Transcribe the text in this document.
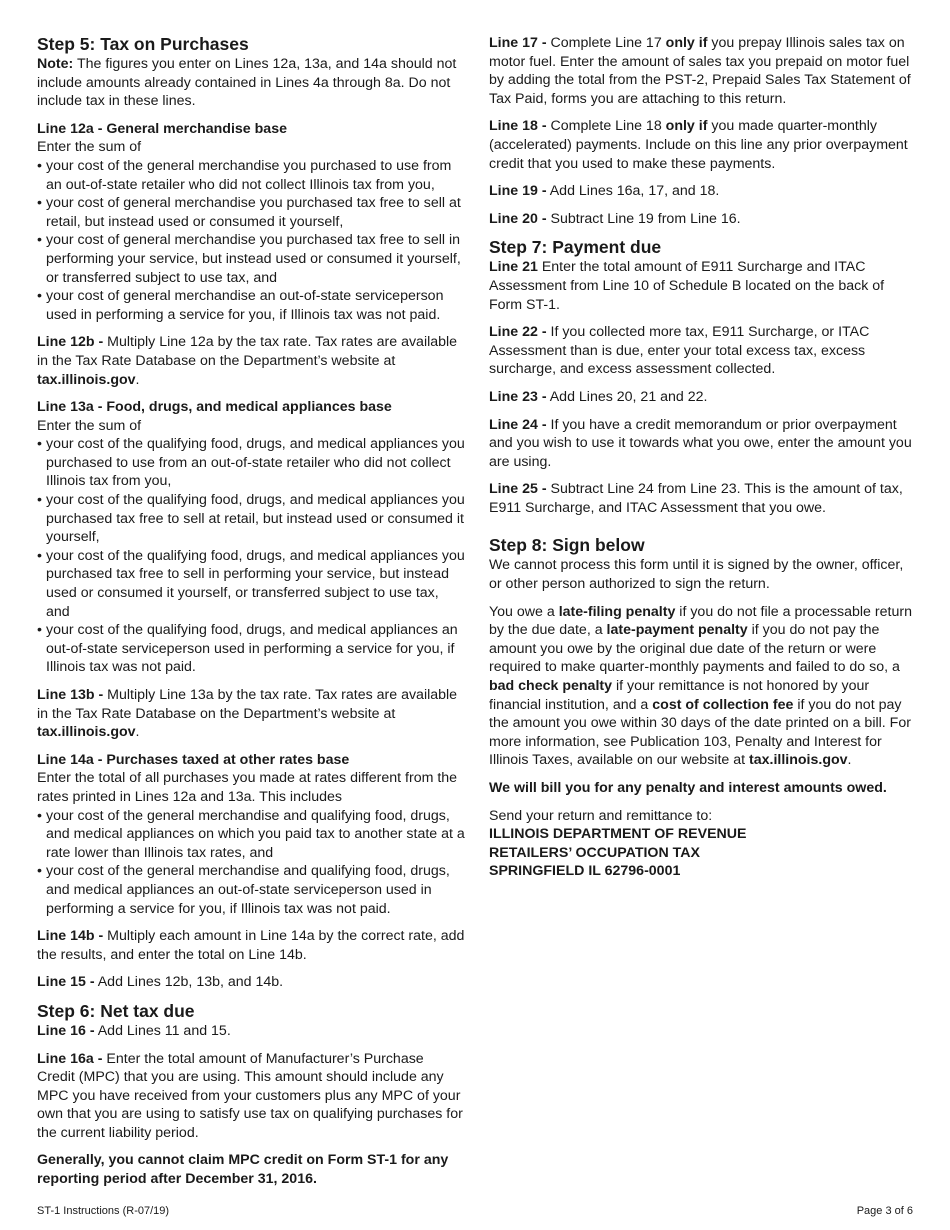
Step 5: Tax on Purchases
Note: The figures you enter on Lines 12a, 13a, and 14a should not include amounts already contained in Lines 4a through 8a. Do not include tax in these lines.
Line 12a - General merchandise base
Enter the sum of
• your cost of the general merchandise you purchased to use from an out-of-state retailer who did not collect Illinois tax from you,
• your cost of general merchandise you purchased tax free to sell at retail, but instead used or consumed it yourself,
• your cost of general merchandise you purchased tax free to sell in performing your service, but instead used or consumed it yourself, or transferred subject to use tax, and
• your cost of general merchandise an out-of-state serviceperson used in performing a service for you, if Illinois tax was not paid.
Line 12b - Multiply Line 12a by the tax rate. Tax rates are available in the Tax Rate Database on the Department’s website at tax.illinois.gov.
Line 13a - Food, drugs, and medical appliances base
Enter the sum of
• your cost of the qualifying food, drugs, and medical appliances you purchased to use from an out-of-state retailer who did not collect Illinois tax from you,
• your cost of the qualifying food, drugs, and medical appliances you purchased tax free to sell at retail, but instead used or consumed it yourself,
• your cost of the qualifying food, drugs, and medical appliances you purchased tax free to sell in performing your service, but instead used or consumed it yourself, or transferred subject to use tax, and
• your cost of the qualifying food, drugs, and medical appliances an out-of-state serviceperson used in performing a service for you, if Illinois tax was not paid.
Line 13b - Multiply Line 13a by the tax rate. Tax rates are available in the Tax Rate Database on the Department’s website at tax.illinois.gov.
Line 14a - Purchases taxed at other rates base
Enter the total of all purchases you made at rates different from the rates printed in Lines 12a and 13a. This includes
• your cost of the general merchandise and qualifying food, drugs, and medical appliances on which you paid tax to another state at a rate lower than Illinois tax rates, and
• your cost of the general merchandise and qualifying food, drugs, and medical appliances an out-of-state serviceperson used in performing a service for you, if Illinois tax was not paid.
Line 14b - Multiply each amount in Line 14a by the correct rate, add the results, and enter the total on Line 14b.
Line 15 - Add Lines 12b, 13b, and 14b.
Step 6: Net tax due
Line 16 - Add Lines 11 and 15.
Line 16a - Enter the total amount of Manufacturer’s Purchase Credit (MPC) that you are using. This amount should include any MPC you have received from your customers plus any MPC of your own that you are using to satisfy use tax on qualifying purchases for the current liability period.
Generally, you cannot claim MPC credit on Form ST-1 for any reporting period after December 31, 2016.
Line 17 - Complete Line 17 only if you prepay Illinois sales tax on motor fuel. Enter the amount of sales tax you prepaid on motor fuel by adding the total from the PST-2, Prepaid Sales Tax Statement of Tax Paid, forms you are attaching to this return.
Line 18 - Complete Line 18 only if you made quarter-monthly (accelerated) payments. Include on this line any prior overpayment credit that you used to make these payments.
Line 19 - Add Lines 16a, 17, and 18.
Line 20 - Subtract Line 19 from Line 16.
Step 7: Payment due
Line 21 Enter the total amount of E911 Surcharge and ITAC Assessment from Line 10 of Schedule B located on the back of Form ST-1.
Line 22 - If you collected more tax, E911 Surcharge, or ITAC Assessment than is due, enter your total excess tax, excess surcharge, and excess assessment collected.
Line 23 - Add Lines 20, 21 and 22.
Line 24 - If you have a credit memorandum or prior overpayment and you wish to use it towards what you owe, enter the amount you are using.
Line 25 - Subtract Line 24 from Line 23. This is the amount of tax, E911 Surcharge, and ITAC Assessment that you owe.
Step 8: Sign below
We cannot process this form until it is signed by the owner, officer, or other person authorized to sign the return.
You owe a late-filing penalty if you do not file a processable return by the due date, a late-payment penalty if you do not pay the amount you owe by the original due date of the return or were required to make quarter-monthly payments and failed to do so, a bad check penalty if your remittance is not honored by your financial institution, and a cost of collection fee if you do not pay the amount you owe within 30 days of the date printed on a bill. For more information, see Publication 103, Penalty and Interest for Illinois Taxes, available on our website at tax.illinois.gov.
We will bill you for any penalty and interest amounts owed.
Send your return and remittance to:
ILLINOIS DEPARTMENT OF REVENUE
RETAILERS’ OCCUPATION TAX
SPRINGFIELD IL 62796-0001
ST-1 Instructions (R-07/19)	Page 3 of 6
